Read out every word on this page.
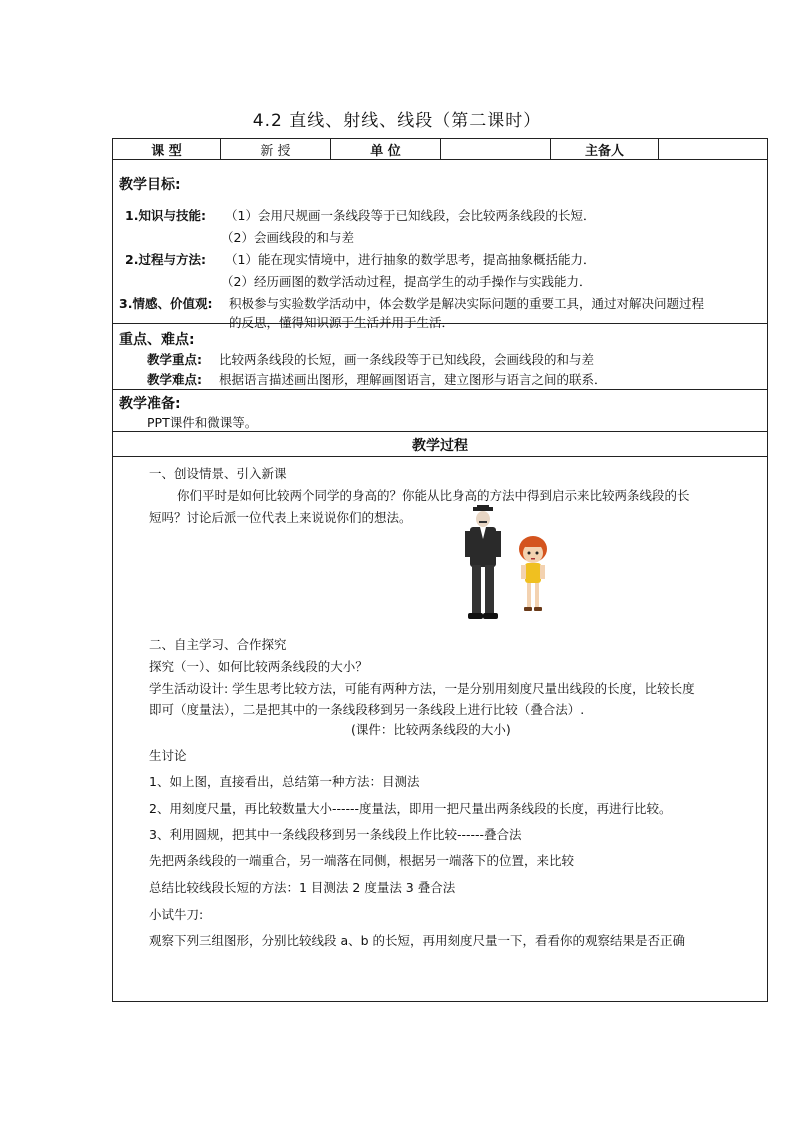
4.2 直线、射线、线段（第二课时）
课 型	新 授	单 位	主备人
教学目标:
1.知识与技能: （1）会用尺规画一条线段等于已知线段，会比较两条线段的长短．
（2）会画线段的和与差
2.过程与方法: （1）能在现实情境中，进行抽象的数学思考，提高抽象概括能力．
（2）经历画图的数学活动过程，提高学生的动手操作与实践能力．
3.情感、价值观: 积极参与实验数学活动中，体会数学是解决实际问题的重要工具，通过对解决问题过程
的反思，懂得知识源于生活并用于生活．
重点、难点:
教学重点: 比较两条线段的长短，画一条线段等于已知线段，会画线段的和与差
教学难点: 根据语言描述画出图形，理解画图语言，建立图形与语言之间的联系．
教学准备:
PPT课件和微课等。
教学过程
一、创设情景、引入新课
你们平时是如何比较两个同学的身高的？你能从比身高的方法中得到启示来比较两条线段的长
短吗？讨论后派一位代表上来说说你们的想法。
二、自主学习、合作探究
探究（一）、如何比较两条线段的大小？
学生活动设计: 学生思考比较方法，可能有两种方法，一是分别用刻度尺量出线段的长度，比较长度
即可（度量法），二是把其中的一条线段移到另一条线段上进行比较（叠合法）.
(课件：比较两条线段的大小)
生讨论
1、如上图，直接看出，总结第一种方法：目测法
2、用刻度尺量，再比较数量大小------度量法，即用一把尺量出两条线段的长度，再进行比较。
3、利用圆规，把其中一条线段移到另一条线段上作比较------叠合法
先把两条线段的一端重合，另一端落在同侧，根据另一端落下的位置，来比较
总结比较线段长短的方法：1 目测法 2 度量法 3 叠合法
小试牛刀:
观察下列三组图形，分别比较线段 a、b 的长短，再用刻度尺量一下，看看你的观察结果是否正确
